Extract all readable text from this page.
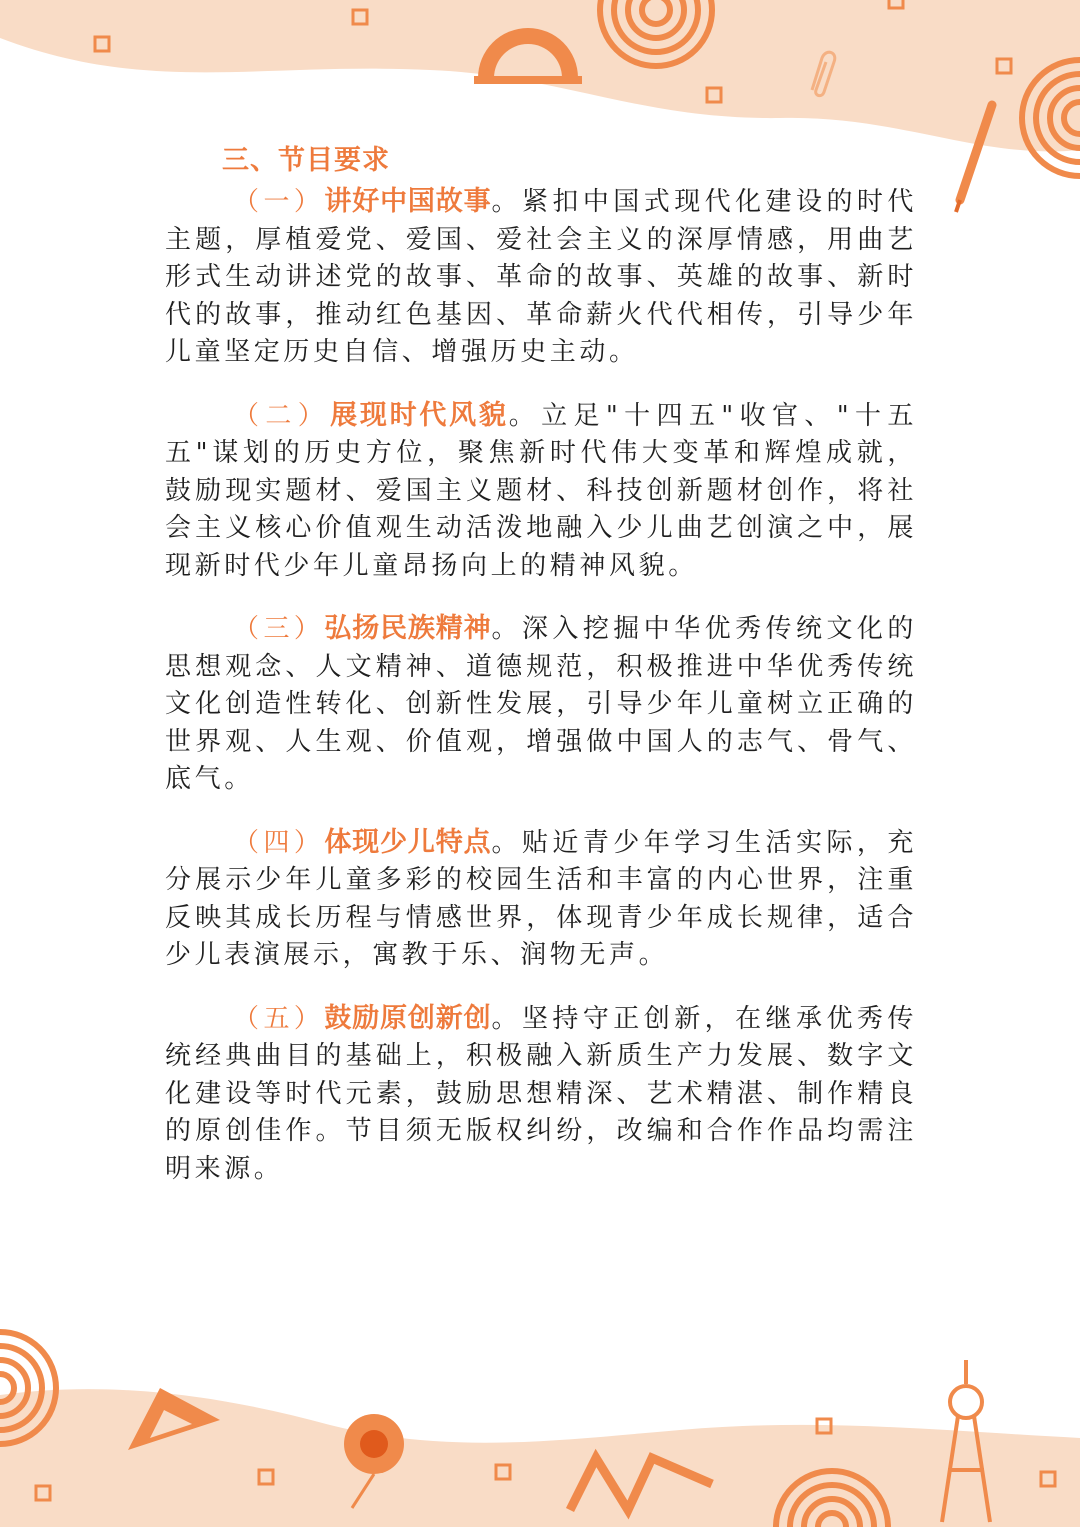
三、节目要求

（一）讲好中国故事。紧扣中国式现代化建设的时代主题，厚植爱党、爱国、爱社会主义的深厚情感，用曲艺形式生动讲述党的故事、革命的故事、英雄的故事、新时代的故事，推动红色基因、革命薪火代代相传，引导少年儿童坚定历史自信、增强历史主动。

（二）展现时代风貌。立足"十四五"收官、"十五五"谋划的历史方位，聚焦新时代伟大变革和辉煌成就，鼓励现实题材、爱国主义题材、科技创新题材创作，将社会主义核心价值观生动活泼地融入少儿曲艺创演之中，展现新时代少年儿童昂扬向上的精神风貌。

（三）弘扬民族精神。深入挖掘中华优秀传统文化的思想观念、人文精神、道德规范，积极推进中华优秀传统文化创造性转化、创新性发展，引导少年儿童树立正确的世界观、人生观、价值观，增强做中国人的志气、骨气、底气。

（四）体现少儿特点。贴近青少年学习生活实际，充分展示少年儿童多彩的校园生活和丰富的内心世界，注重反映其成长历程与情感世界，体现青少年成长规律，适合少儿表演展示，寓教于乐、润物无声。

（五）鼓励原创新创。坚持守正创新，在继承优秀传统经典曲目的基础上，积极融入新质生产力发展、数字文化建设等时代元素，鼓励思想精深、艺术精湛、制作精良的原创佳作。节目须无版权纠纷，改编和合作作品均需注明来源。
